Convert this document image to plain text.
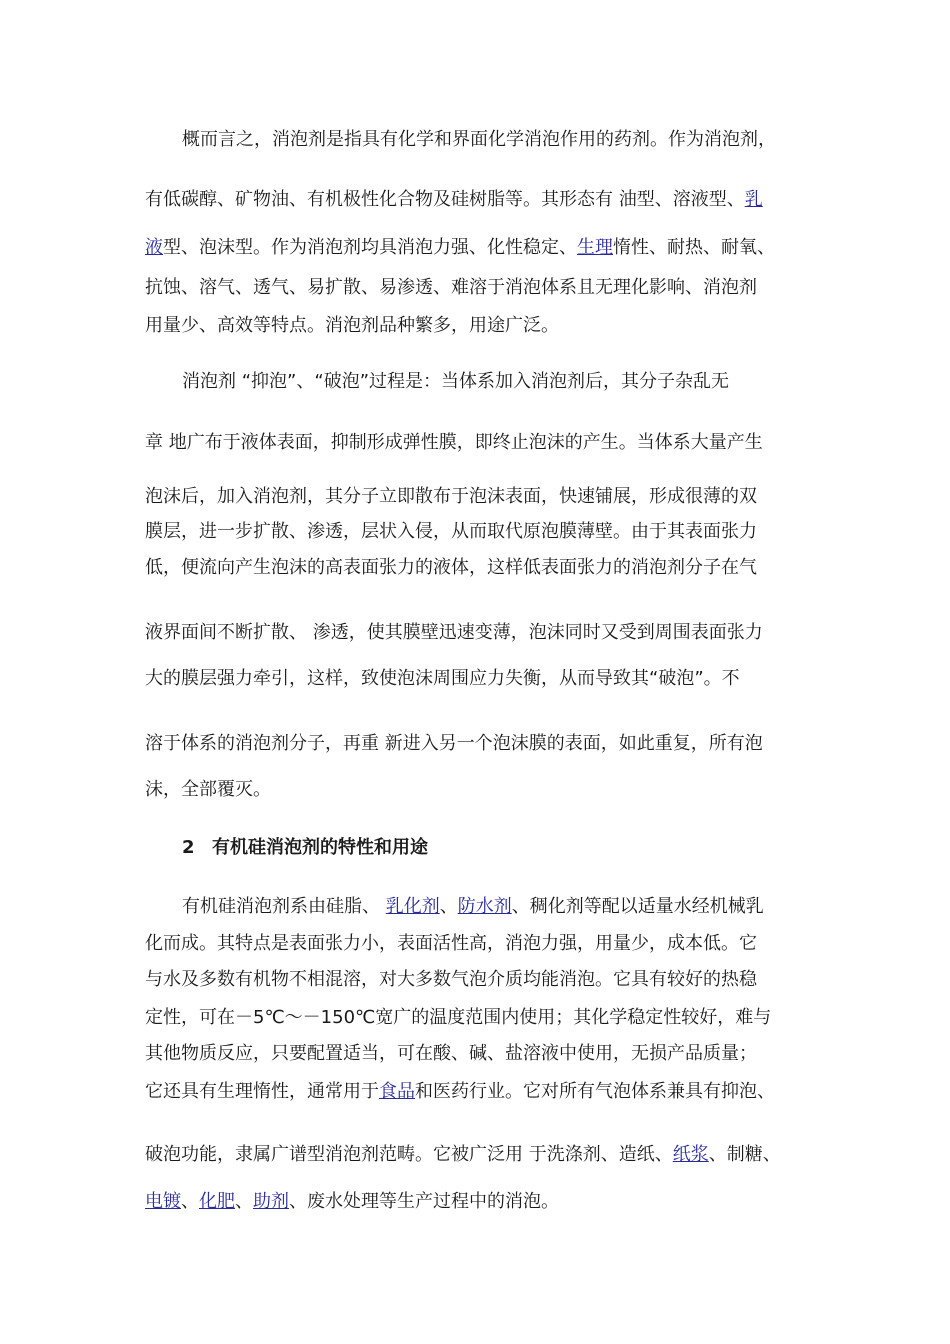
概而言之，消泡剂是指具有化学和界面化学消泡作用的药剂。作为消泡剂，
有低碳醇、矿物油、有机极性化合物及硅树脂等。其形态有 油型、溶液型、乳
液型、泡沫型。作为消泡剂均具消泡力强、化性稳定、生理惰性、耐热、耐氧、
抗蚀、溶气、透气、易扩散、易渗透、难溶于消泡体系且无理化影响、消泡剂
用量少、高效等特点。消泡剂品种繁多，用途广泛。
消泡剂 “抑泡”、“破泡”过程是：当体系加入消泡剂后，其分子杂乱无
章 地广布于液体表面，抑制形成弹性膜，即终止泡沫的产生。当体系大量产生
泡沫后，加入消泡剂，其分子立即散布于泡沫表面，快速铺展，形成很薄的双
膜层，进一步扩散、渗透，层状入侵，从而取代原泡膜薄壁。由于其表面张力
低，便流向产生泡沫的高表面张力的液体，这样低表面张力的消泡剂分子在气
液界面间不断扩散、 渗透，使其膜壁迅速变薄，泡沫同时又受到周围表面张力
大的膜层强力牵引，这样，致使泡沫周围应力失衡，从而导致其“破泡”。不
溶于体系的消泡剂分子，再重 新进入另一个泡沫膜的表面，如此重复，所有泡
沫，全部覆灭。
2 有机硅消泡剂的特性和用途
有机硅消泡剂系由硅脂、 乳化剂、防水剂、稠化剂等配以适量水经机械乳
化而成。其特点是表面张力小，表面活性高，消泡力强，用量少，成本低。它
与水及多数有机物不相混溶，对大多数气泡介质均能消泡。它具有较好的热稳
定性，可在－5℃～－150℃宽广的温度范围内使用；其化学稳定性较好，难与
其他物质反应，只要配置适当，可在酸、碱、盐溶液中使用，无损产品质量；
它还具有生理惰性，通常用于食品和医药行业。它对所有气泡体系兼具有抑泡、
破泡功能，隶属广谱型消泡剂范畴。它被广泛用 于洗涤剂、造纸、纸浆、制糖、
电镀、化肥、助剂、废水处理等生产过程中的消泡。
